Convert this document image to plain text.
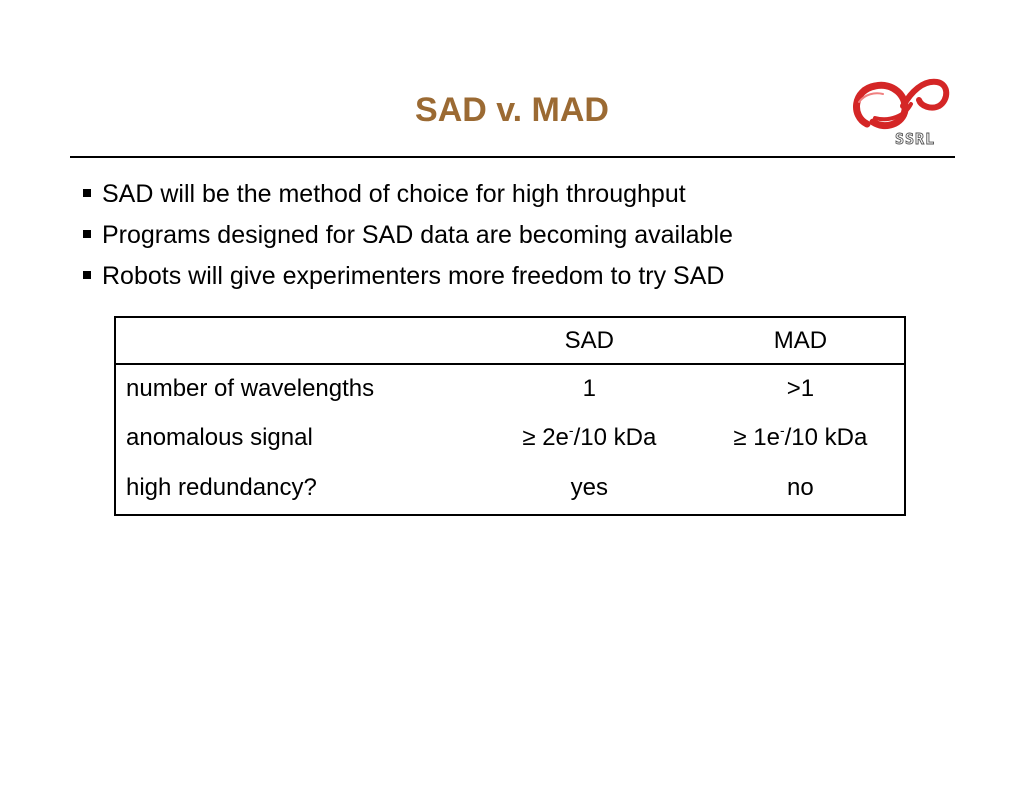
SAD v. MAD
SSRL
SAD will be the method of choice for high throughput
Programs designed for SAD data are becoming available
Robots will give experimenters more freedom to try SAD
	SAD	MAD
number of wavelengths	1	>1
anomalous signal	≥ 2e-/10 kDa	≥ 1e-/10 kDa
high redundancy?	yes	no
